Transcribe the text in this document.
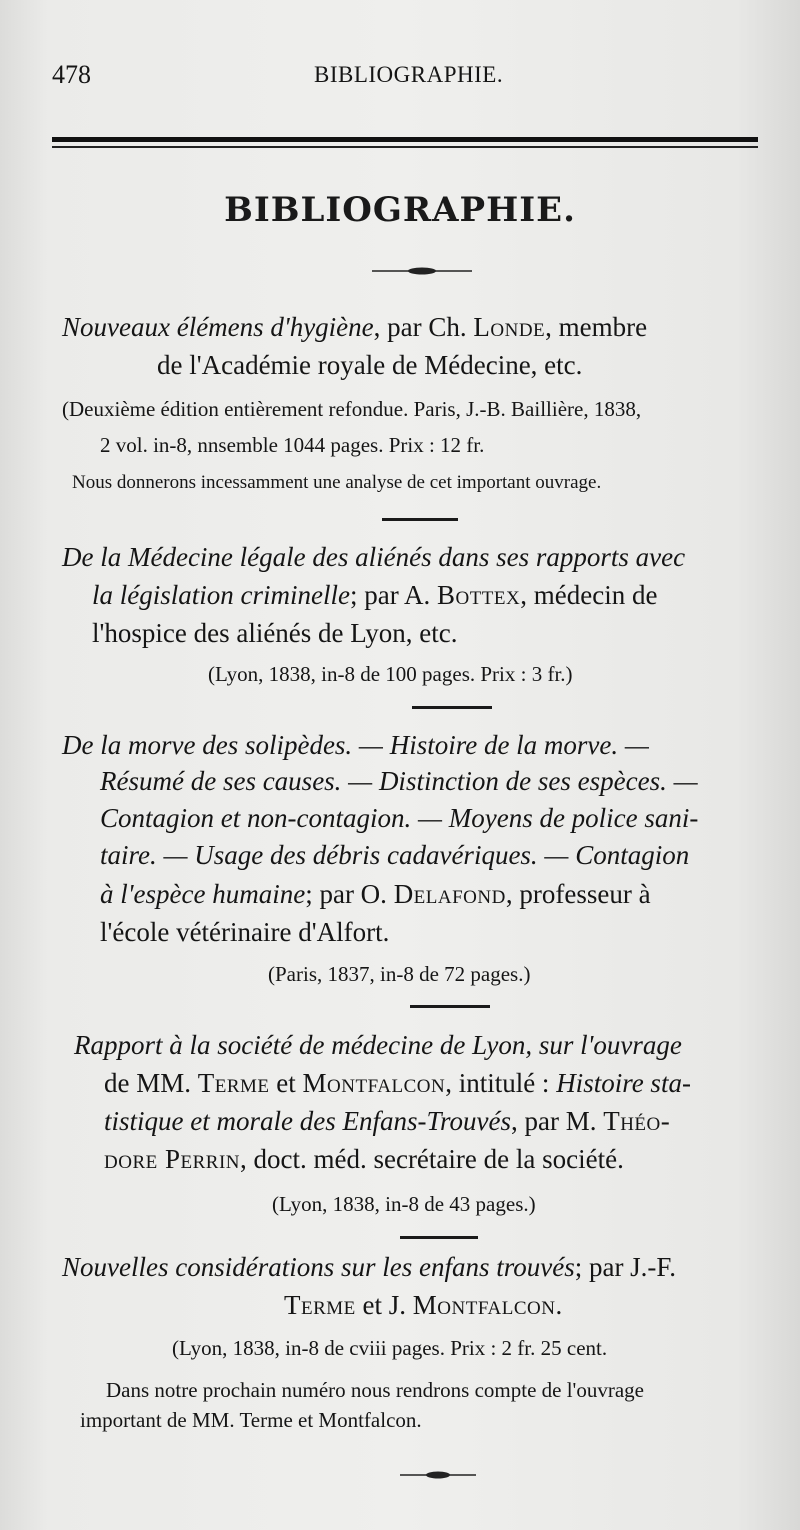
478	BIBLIOGRAPHIE.
BIBLIOGRAPHIE.
Nouveaux élémens d'hygiène, par Ch. Londe, membre
de l'Académie royale de Médecine, etc.
(Deuxième édition entièrement refondue. Paris, J.-B. Baillière, 1838,
2 vol. in-8, nnsemble 1044 pages. Prix : 12 fr.
Nous donnerons incessamment une analyse de cet important ouvrage.
De la Médecine légale des aliénés dans ses rapports avec
la législation criminelle; par A. Bottex, médecin de
l'hospice des aliénés de Lyon, etc.
(Lyon, 1838, in-8 de 100 pages. Prix : 3 fr.)
De la morve des solipèdes. — Histoire de la morve. —
Résumé de ses causes. — Distinction de ses espèces. —
Contagion et non-contagion. — Moyens de police sani-
taire. — Usage des débris cadavériques. — Contagion
à l'espèce humaine; par O. Delafond, professeur à
l'école vétérinaire d'Alfort.
(Paris, 1837, in-8 de 72 pages.)
Rapport à la société de médecine de Lyon, sur l'ouvrage
de MM. Terme et Montfalcon, intitulé : Histoire sta-
tistique et morale des Enfans-Trouvés, par M. Théo-
dore Perrin, doct. méd. secrétaire de la société.
(Lyon, 1838, in-8 de 43 pages.)
Nouvelles considérations sur les enfans trouvés; par J.-F.
Terme et J. Montfalcon.
(Lyon, 1838, in-8 de cviii pages. Prix : 2 fr. 25 cent.
Dans notre prochain numéro nous rendrons compte de l'ouvrage
important de MM. Terme et Montfalcon.
